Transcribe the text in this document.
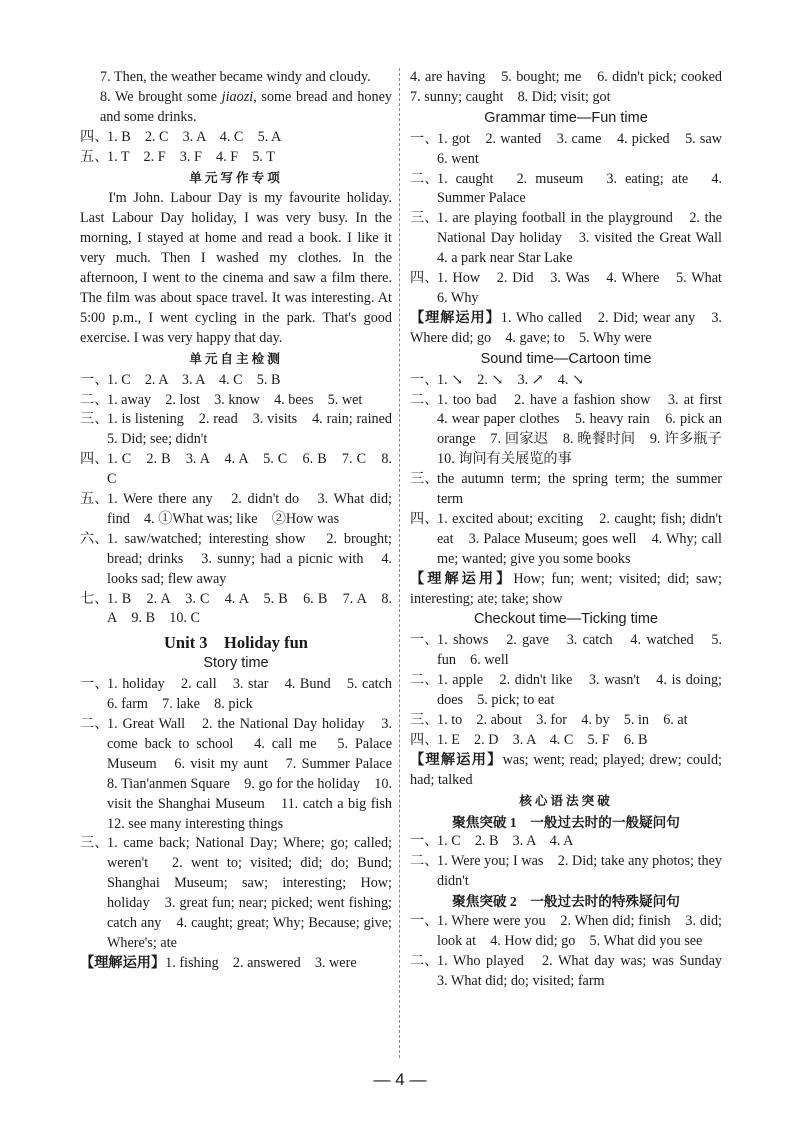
7. Then, the weather became windy and cloudy.
8. We brought some jiaozi, some bread and honey and some drinks.
四、
1. B　2. C　3. A　4. C　5. A
五、
1. T　2. F　3. F　4. F　5. T
单元写作专项
I'm John. Labour Day is my favourite holiday. Last Labour Day holiday, I was very busy. In the morning, I stayed at home and read a book. I like it very much. Then I washed my clothes. In the afternoon, I went to the cinema and saw a film there. The film was about space travel. It was interesting. At 5:00 p.m., I went cycling in the park. That's good exercise. I was very happy that day.
单元自主检测
一、
1. C　2. A　3. A　4. C　5. B
二、
1. away　2. lost　3. know　4. bees　5. wet
三、
1. is listening　2. read　3. visits　4. rain; rained　5. Did; see; didn't
四、
1. C　2. B　3. A　4. A　5. C　6. B　7. C　8. C
五、
1. Were there any　2. didn't do　3. What did; find　4. ①What was; like　②How was
六、
1. saw/watched; interesting show　2. brought; bread; drinks　3. sunny; had a picnic with　4. looks sad; flew away
七、
1. B　2. A　3. C　4. A　5. B　6. B　7. A　8. A　9. B　10. C
Unit 3　Holiday fun
Story time
一、
1. holiday　2. call　3. star　4. Bund　5. catch　6. farm　7. lake　8. pick
二、
1. Great Wall　2. the National Day holiday　3. come back to school　4. call me　5. Palace Museum　6. visit my aunt　7. Summer Palace　8. Tian'anmen Square　9. go for the holiday　10. visit the Shanghai Museum　11. catch a big fish　12. see many interesting things
三、
1. came back; National Day; Where; go; called; weren't　2. went to; visited; did; do; Bund; Shanghai Museum; saw; interesting; How; holiday　3. great fun; near; picked; went fishing; catch any　4. caught; great; Why; Because; give; Where's; ate
【理解运用】1. fishing　2. answered　3. were
4. are having　5. bought; me　6. didn't pick; cooked　7. sunny; caught　8. Did; visit; got
Grammar time—Fun time
一、
1. got　2. wanted　3. came　4. picked　5. saw　6. went
二、
1. caught　2. museum　3. eating; ate　4. Summer Palace
三、
1. are playing football in the playground　2. the National Day holiday　3. visited the Great Wall　4. a park near Star Lake
四、
1. How　2. Did　3. Was　4. Where　5. What　6. Why
【理解运用】1. Who called　2. Did; wear any　3. Where did; go　4. gave; to　5. Why were
Sound time—Cartoon time
一、
1. ↘　2. ↘　3. ↗　4. ↘
二、
1. too bad　2. have a fashion show　3. at first　4. wear paper clothes　5. heavy rain　6. pick an orange　7. 回家迟　8. 晚餐时间　9. 许多瓶子　10. 询问有关展览的事
三、
the autumn term; the spring term; the summer term
四、
1. excited about; exciting　2. caught; fish; didn't eat　3. Palace Museum; goes well　4. Why; call me; wanted; give you some books
【理解运用】How; fun; went; visited; did; saw; interesting; ate; take; show
Checkout time—Ticking time
一、
1. shows　2. gave　3. catch　4. watched　5. fun　6. well
二、
1. apple　2. didn't like　3. wasn't　4. is doing; does　5. pick; to eat
三、
1. to　2. about　3. for　4. by　5. in　6. at
四、
1. E　2. D　3. A　4. C　5. F　6. B
【理解运用】was; went; read; played; drew; could; had; talked
核心语法突破
聚焦突破 1　一般过去时的一般疑问句
一、
1. C　2. B　3. A　4. A
二、
1. Were you; I was　2. Did; take any photos; they didn't
聚焦突破 2　一般过去时的特殊疑问句
一、
1. Where were you　2. When did; finish　3. did; look at　4. How did; go　5. What did you see
二、
1. Who played　2. What day was; was Sunday　3. What did; do; visited; farm
— 4 —
